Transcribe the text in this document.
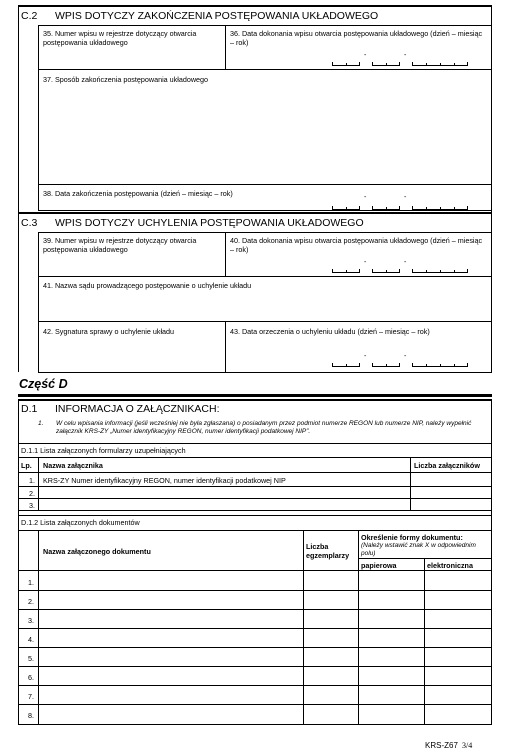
C.2 WPIS DOTYCZY ZAKOŃCZENIA POSTĘPOWANIA UKŁADOWEGO
35. Numer wpisu w rejestrze dotyczący otwarcia postępowania układowego
36. Data dokonania wpisu otwarcia postępowania układowego (dzień – miesiąc – rok)
-	-
37. Sposób zakończenia postępowania układowego
38. Data zakończenia postępowania (dzień – miesiąc – rok)	-	-
C.3 WPIS DOTYCZY UCHYLENIA POSTĘPOWANIA UKŁADOWEGO
39. Numer wpisu w rejestrze dotyczący otwarcia postępowania układowego
40. Data dokonania wpisu otwarcia postępowania układowego (dzień – miesiąc – rok)
-	-
41. Nazwa sądu prowadzącego postępowanie o uchylenie układu
42. Sygnatura sprawy o uchylenie układu	43. Data orzeczenia o uchyleniu układu (dzień – miesiąc – rok)
-	-
Część D
D.1 INFORMACJA O ZAŁĄCZNIKACH:
1. W celu wpisania informacji (jeśli wcześniej nie była zgłaszana) o posiadanym przez podmiot numerze REGON lub numerze NIP, należy wypełnić załącznik KRS-ZY „Numer identyfikacyjny REGON, numer identyfikacji podatkowej NIP”.
D.1.1 Lista załączonych formularzy uzupełniających
Lp. Nazwa załącznika	Liczba załączników
1. KRS-ZY Numer identyfikacyjny REGON, numer identyfikacji podatkowej NIP
2.
3.
D.1.2 Lista załączonych dokumentów
Nazwa załączonego dokumentu
Liczba egzemplarzy
Określenie formy dokumentu:
(Należy wstawić znak X w odpowiednim polu)
papierowa	elektroniczna
1.
2.
3.
4.
5.
6.
7.
8.
KRS-Z67 3/4
